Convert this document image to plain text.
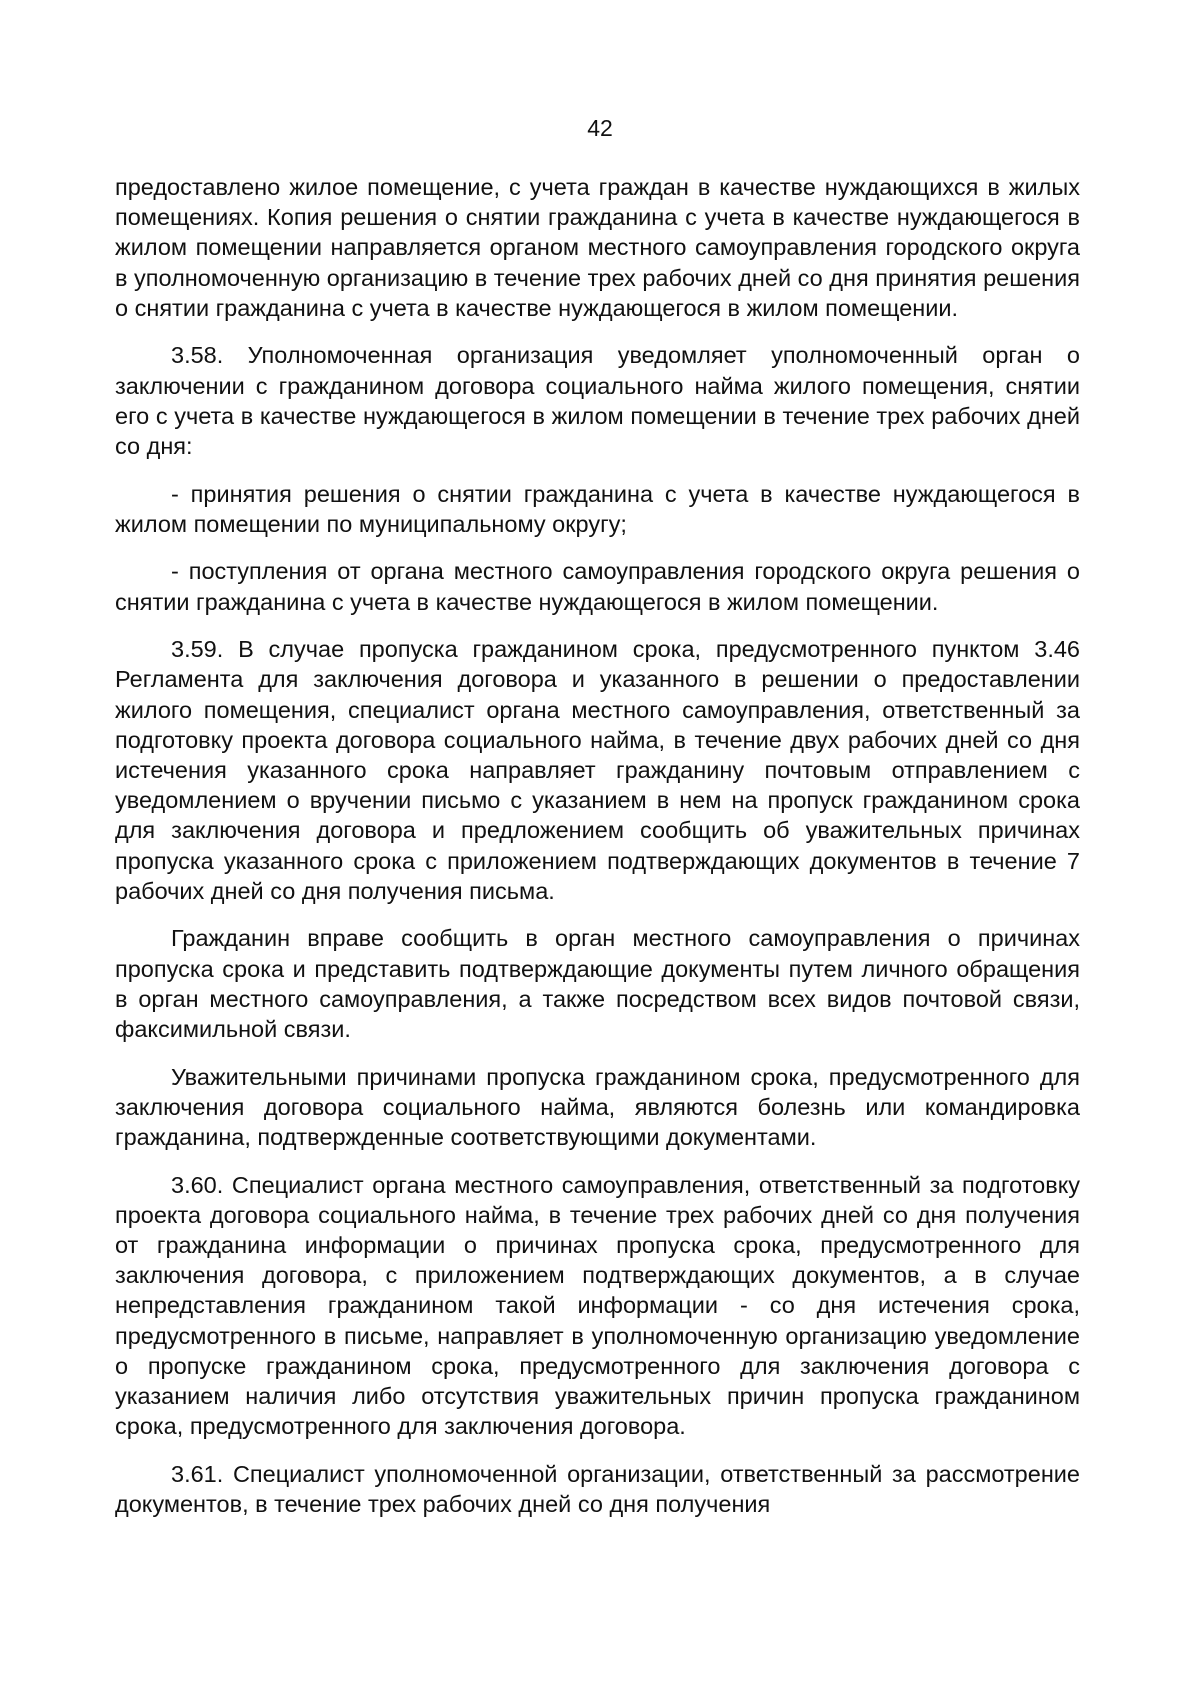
42

предоставлено жилое помещение, с учета граждан в качестве нуждающихся в жилых помещениях. Копия решения о снятии гражданина с учета в качестве нуждающегося в жилом помещении направляется органом местного самоуправления городского округа в уполномоченную организацию в течение трех рабочих дней со дня принятия решения о снятии гражданина с учета в качестве нуждающегося в жилом помещении.

3.58. Уполномоченная организация уведомляет уполномоченный орган о заключении с гражданином договора социального найма жилого помещения, снятии его с учета в качестве нуждающегося в жилом помещении в течение трех рабочих дней со дня:

- принятия решения о снятии гражданина с учета в качестве нуждающегося в жилом помещении по муниципальному округу;

- поступления от органа местного самоуправления городского округа решения о снятии гражданина с учета в качестве нуждающегося в жилом помещении.

3.59. В случае пропуска гражданином срока, предусмотренного пунктом 3.46 Регламента для заключения договора и указанного в решении о предоставлении жилого помещения, специалист органа местного самоуправления, ответственный за подготовку проекта договора социального найма, в течение двух рабочих дней со дня истечения указанного срока направляет гражданину почтовым отправлением с уведомлением о вручении письмо с указанием в нем на пропуск гражданином срока для заключения договора и предложением сообщить об уважительных причинах пропуска указанного срока с приложением подтверждающих документов в течение 7 рабочих дней со дня получения письма.

Гражданин вправе сообщить в орган местного самоуправления о причинах пропуска срока и представить подтверждающие документы путем личного обращения в орган местного самоуправления, а также посредством всех видов почтовой связи, факсимильной связи.

Уважительными причинами пропуска гражданином срока, предусмотренного для заключения договора социального найма, являются болезнь или командировка гражданина, подтвержденные соответствующими документами.

3.60. Специалист органа местного самоуправления, ответственный за подготовку проекта договора социального найма, в течение трех рабочих дней со дня получения от гражданина информации о причинах пропуска срока, предусмотренного для заключения договора, с приложением подтверждающих документов, а в случае непредставления гражданином такой информации - со дня истечения срока, предусмотренного в письме, направляет в уполномоченную организацию уведомление о пропуске гражданином срока, предусмотренного для заключения договора с указанием наличия либо отсутствия уважительных причин пропуска гражданином срока, предусмотренного для заключения договора.

3.61. Специалист уполномоченной организации, ответственный за рассмотрение документов, в течение трех рабочих дней со дня получения
